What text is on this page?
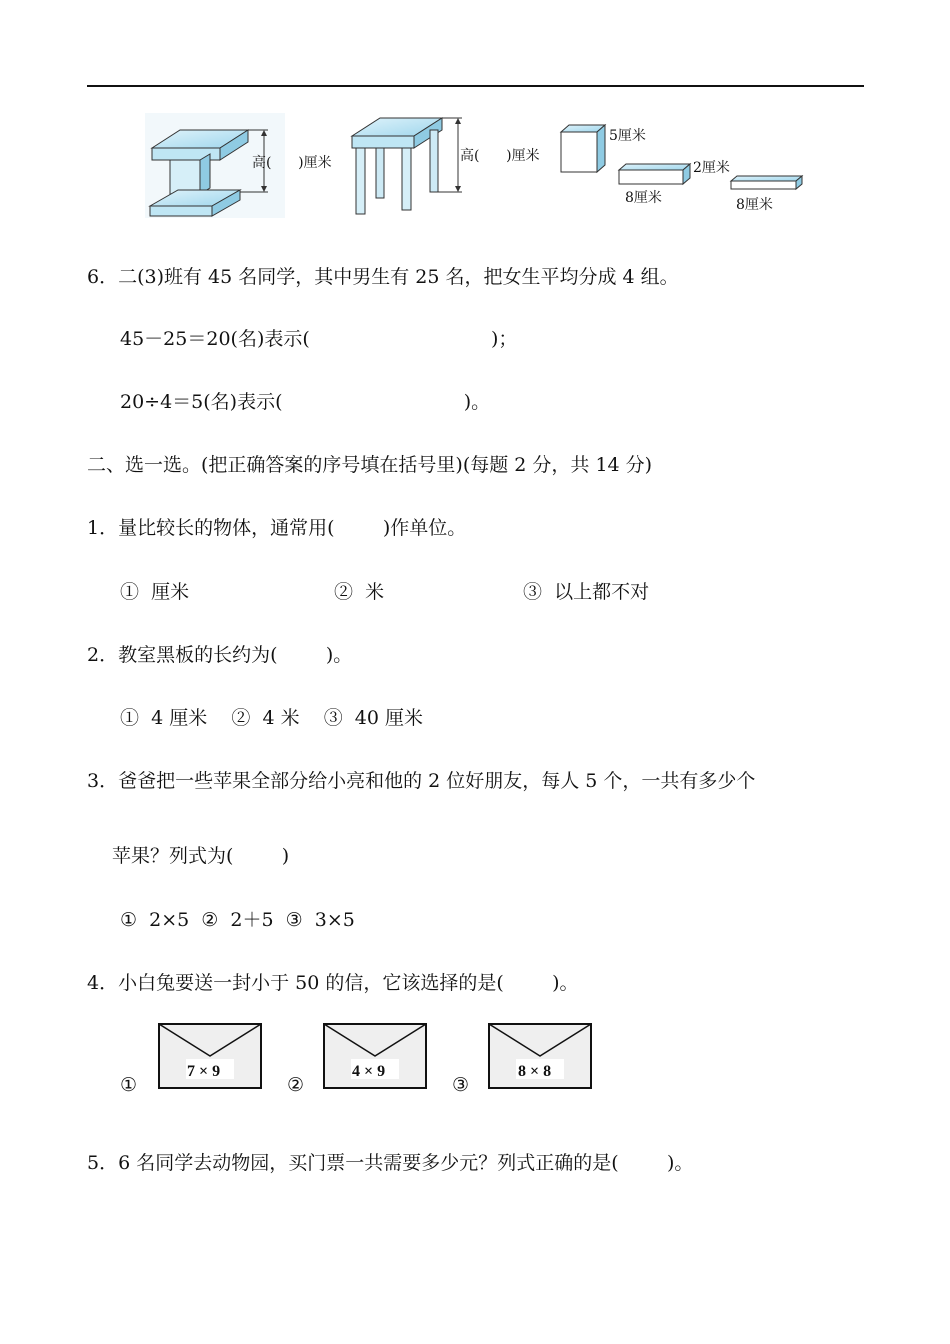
高(      )厘米	高(      )厘米
5厘米
2厘米
8厘米	8厘米
6．二(3)班有 45 名同学，其中男生有 25 名，把女生平均分成 4 组。
45－25＝20(名)表示(                              )；
20÷4＝5(名)表示(                              )。
二、选一选。(把正确答案的序号填在括号里)(每题 2 分，共 14 分)
1．量比较长的物体，通常用(        )作单位。
①  厘米	②  米	③  以上都不对
2．教室黑板的长约为(        )。
①  4 厘米    ②  4 米    ③  40 厘米
3．爸爸把一些苹果全部分给小亮和他的 2 位好朋友，每人 5 个，一共有多少个
苹果？列式为(        )
①  2×5  ②  2＋5  ③  3×5
4．小白兔要送一封小于 50 的信，它该选择的是(        )。
①	②	③
7 × 9	4 × 9	8 × 8
5．6 名同学去动物园，买门票一共需要多少元？列式正确的是(        )。
